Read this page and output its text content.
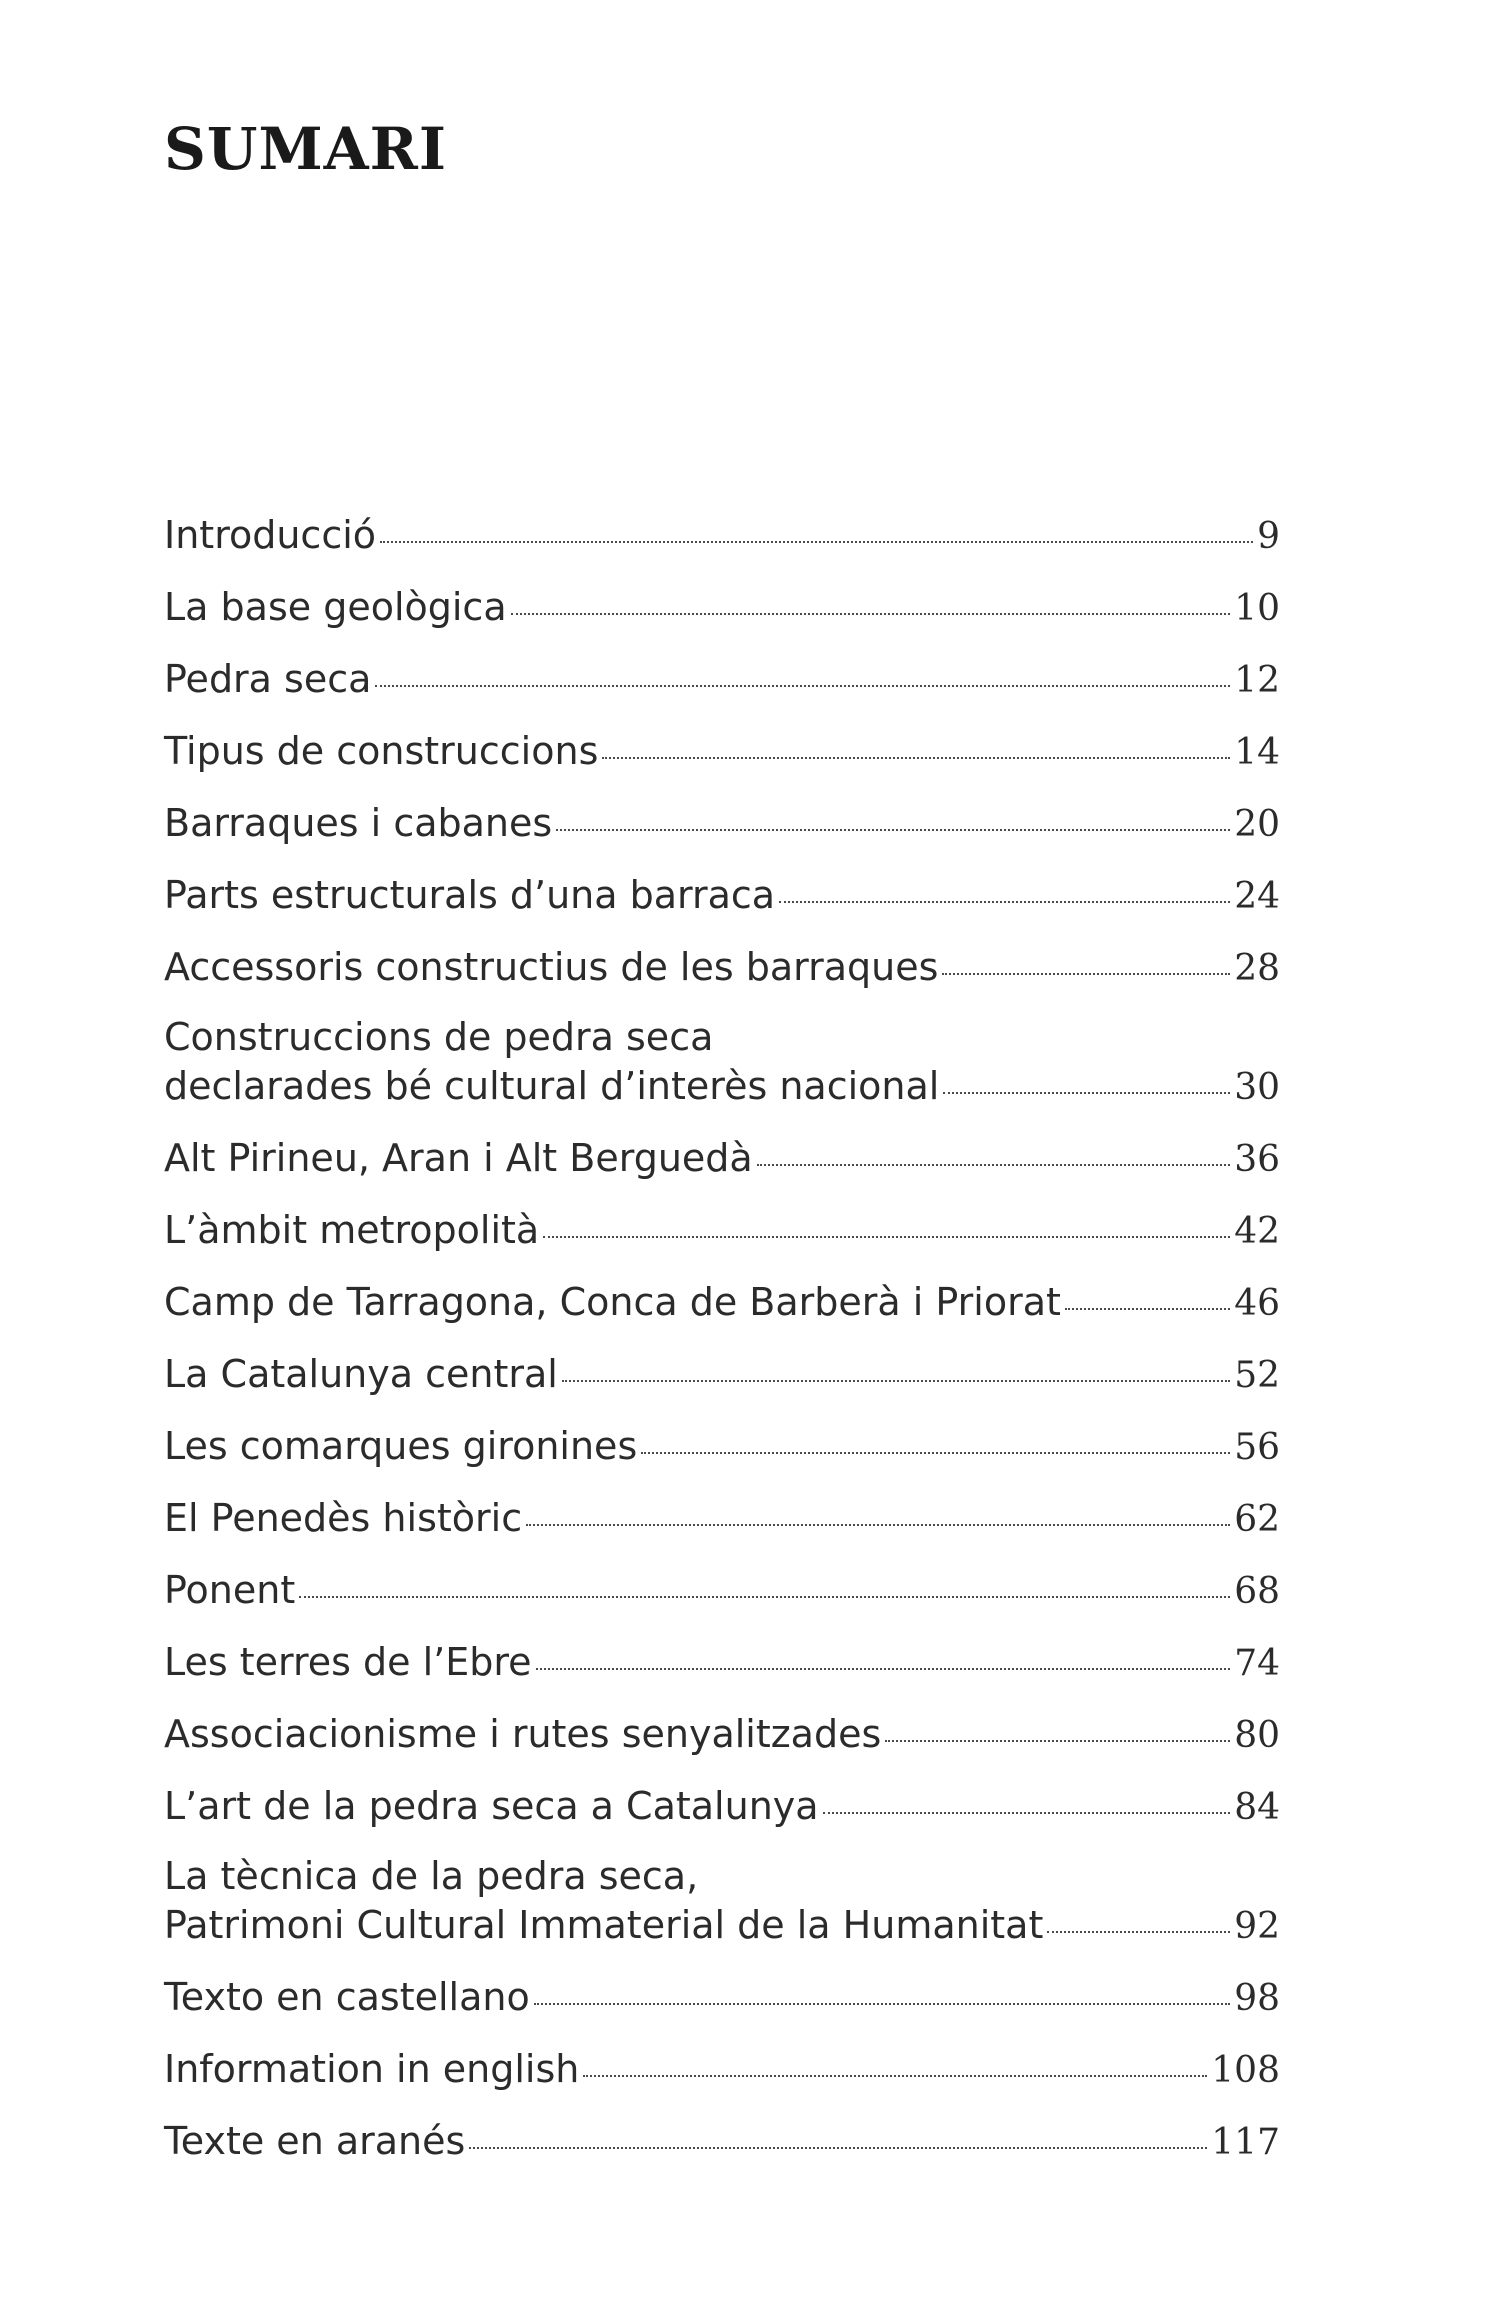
SUMARI
Introducció	9
La base geològica	10
Pedra seca	12
Tipus de construccions	14
Barraques i cabanes	20
Parts estructurals d’una barraca	24
Accessoris constructius de les barraques	28
Construccions de pedra seca
declarades bé cultural d’interès nacional	30
Alt Pirineu, Aran i Alt Berguedà	36
L’àmbit metropolità	42
Camp de Tarragona, Conca de Barberà i Priorat	46
La Catalunya central	52
Les comarques gironines	56
El Penedès històric	62
Ponent	68
Les terres de l’Ebre	74
Associacionisme i rutes senyalitzades	80
L’art de la pedra seca a Catalunya	84
La tècnica de la pedra seca,
Patrimoni Cultural Immaterial de la Humanitat	92
Texto en castellano	98
Information in english	108
Texte en aranés	117
